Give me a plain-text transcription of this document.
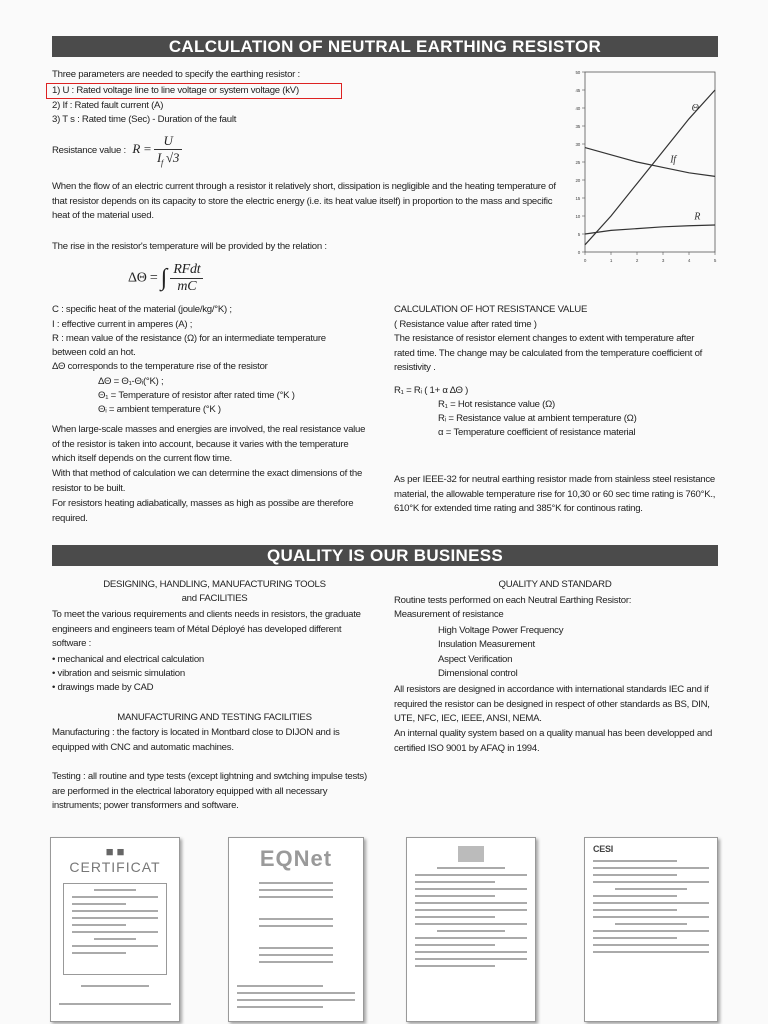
CALCULATION OF NEUTRAL EARTHING RESISTOR
Three parameters are needed to specify the earthing resistor :
1) U : Rated voltage line to line voltage or system voltage (kV)
2) If : Rated fault current (A)
3) T s : Rated time (Sec) - Duration of the fault
Resistance value : $R = \frac{U}{I_f √3}$
When the flow of an electric current through a resistor it relatively short, dissipation is negligible and the heating temperature of that resistor depends on its capacity to store the electric energy (i.e. its heat value itself) in proportion to the mass and specific heat of the material used.
The rise in the resistor's temperature will be provided by the relation :
ΔΘ = ∫ $\frac{\text{RFdt}}{mC}$
C : specific heat of the material (joule/kg/°K) ;
I : effective current in amperes (A) ;
R : mean value of the resistance (Ω) for an intermediate temperature
between cold an hot.
ΔΘ corresponds to the temperature rise of the resistor
ΔΘ = Θ₁-Θᵢ(°K) ;
Θ₁ = Temperature of resistor after rated time (°K )
Θᵢ = ambient temperature (°K )
When large-scale masses and energies are involved, the real resistance value of the resistor is taken into account, because it varies with the temperature which itself depends on the current flow time.
With that method of calculation we can determine the exact dimensions of the resistor to be built.
For resistors heating adiabatically, masses as high as possibe are therefore required.
0
5
10
15
20
25
30
35
40
45
50
0	1	2	3	4	5
Θ
If
R
CALCULATION OF HOT RESISTANCE VALUE
( Resistance value after rated time )
The resistance of resistor element changes to extent with temperature after rated time. The change may be calculated from the temperature coefficient of resistivity .
R₁ = Rᵢ ( 1+ α ΔΘ )
R₁ = Hot resistance value (Ω)
Rᵢ = Resistance value at ambient temperature (Ω)
α = Temperature coefficient of resistance material
As per IEEE-32 for neutral earthing resistor made from stainless steel resistance material, the allowable temperature rise for 10,30 or 60 sec time rating is 760°K., 610°K for extended time rating and 385°K for continous rating.
QUALITY IS OUR BUSINESS
DESIGNING, HANDLING, MANUFACTURING TOOLS
and FACILITIES
To meet the various requirements and clients needs in resistors, the graduate engineers and engineers team of Métal Déployé has developed different software :
• mechanical and electrical calculation
• vibration and seismic simulation
• drawings made by CAD
MANUFACTURING AND TESTING FACILITIES
Manufacturing : the factory is located in Montbard close to DIJON and is equipped with CNC and automatic machines.
Testing : all routine and type tests (except lightning and swtching impulse tests) are performed in the electrical laboratory equipped with all necessary instruments; power transformers and software.
QUALITY AND STANDARD
Routine tests performed on each Neutral Earthing Resistor:
Measurement of resistance
High Voltage Power Frequency
Insulation Measurement
Aspect Verification
Dimensional control
All resistors are designed in accordance with international standards IEC and if required the resistor can be designed in respect of other standards as BS, DIN, UTE, NFC, IEC, IEEE, ANSI, NEMA.
An internal quality system based on a quality manual has been developped and certified ISO 9001 by AFAQ in 1994.
■ ■
CERTIFICAT	EQNet	CESI
